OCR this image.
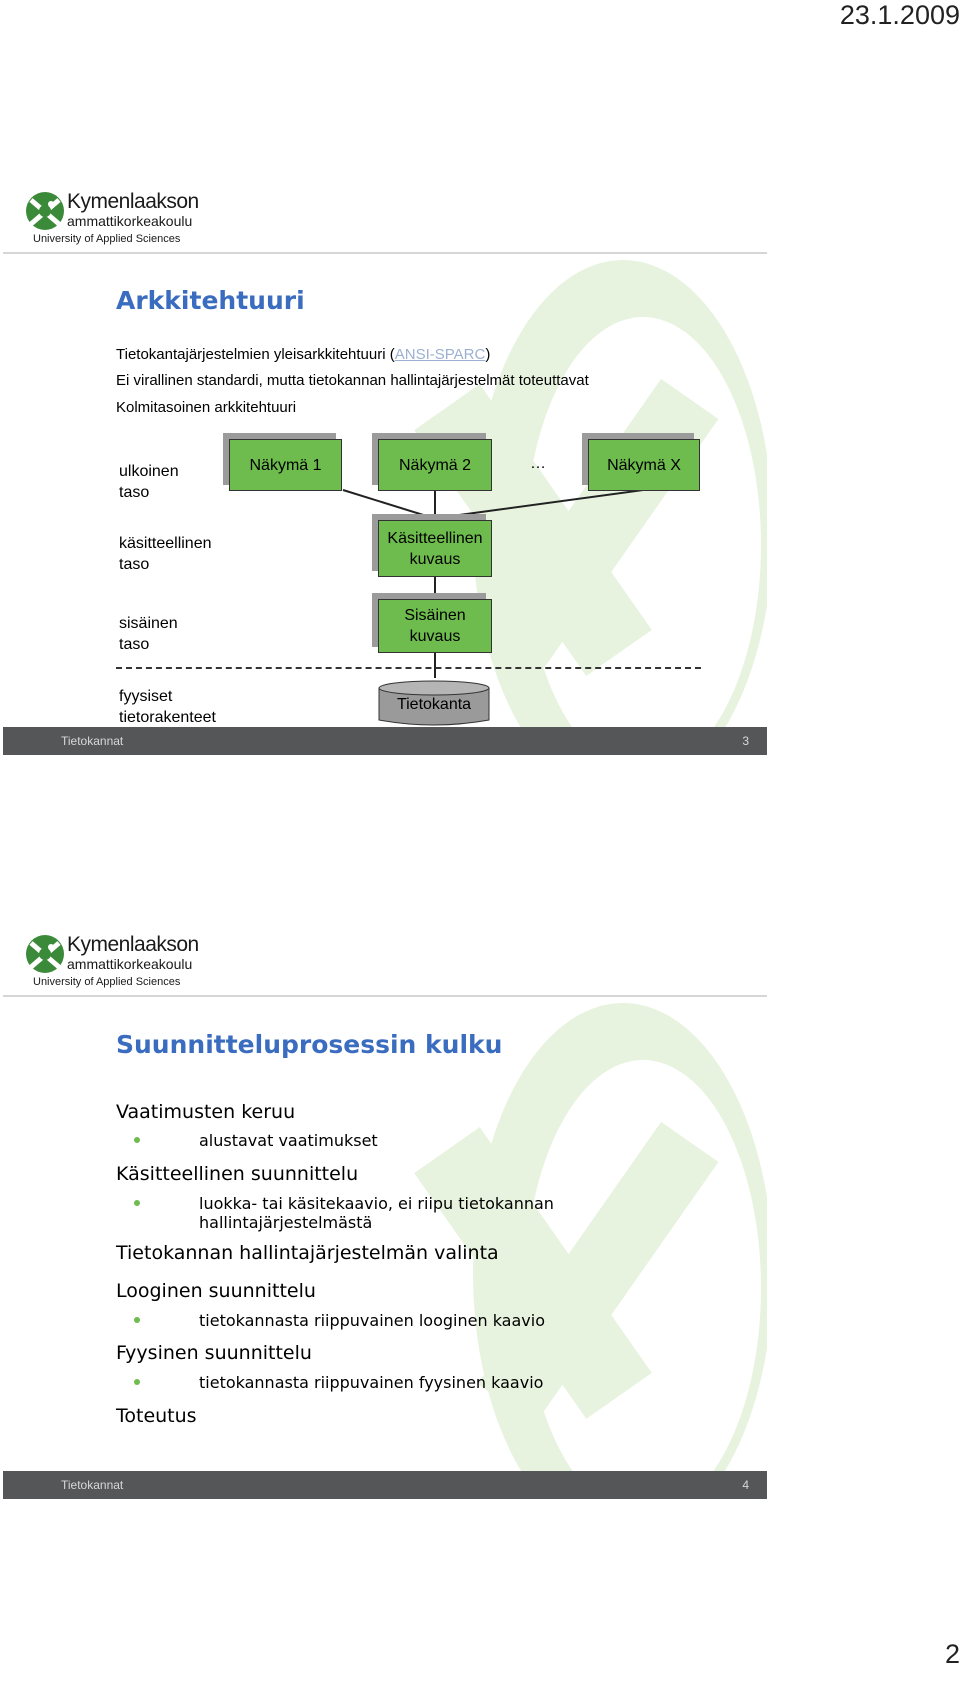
23.1.2009
Kymenlaakson
ammattikorkeakoulu
University of Applied Sciences
Arkkitehtuuri
Tietokantajärjestelmien yleisarkkitehtuuri (ANSI-SPARC)
Ei virallinen standardi, mutta tietokannan hallintajärjestelmät toteuttavat
Kolmitasoinen arkkitehtuuri
ulkoinen
taso
käsitteellinen
taso
sisäinen
taso
fyysiset
tietorakenteet
Näkymä 1	Näkymä 2	…	Näkymä X
Käsitteellinen
kuvaus
Sisäinen
kuvaus
Tietokanta
Tietokannat	3
Kymenlaakson
ammattikorkeakoulu
University of Applied Sciences
Suunnitteluprosessin kulku
Vaatimusten keruu
alustavat vaatimukset
Käsitteellinen suunnittelu
luokka- tai käsitekaavio, ei riipu tietokannan
hallintajärjestelmästä
Tietokannan hallintajärjestelmän valinta
Looginen suunnittelu
tietokannasta riippuvainen looginen kaavio
Fyysinen suunnittelu
tietokannasta riippuvainen fyysinen kaavio
Toteutus
Tietokannat	4
2
